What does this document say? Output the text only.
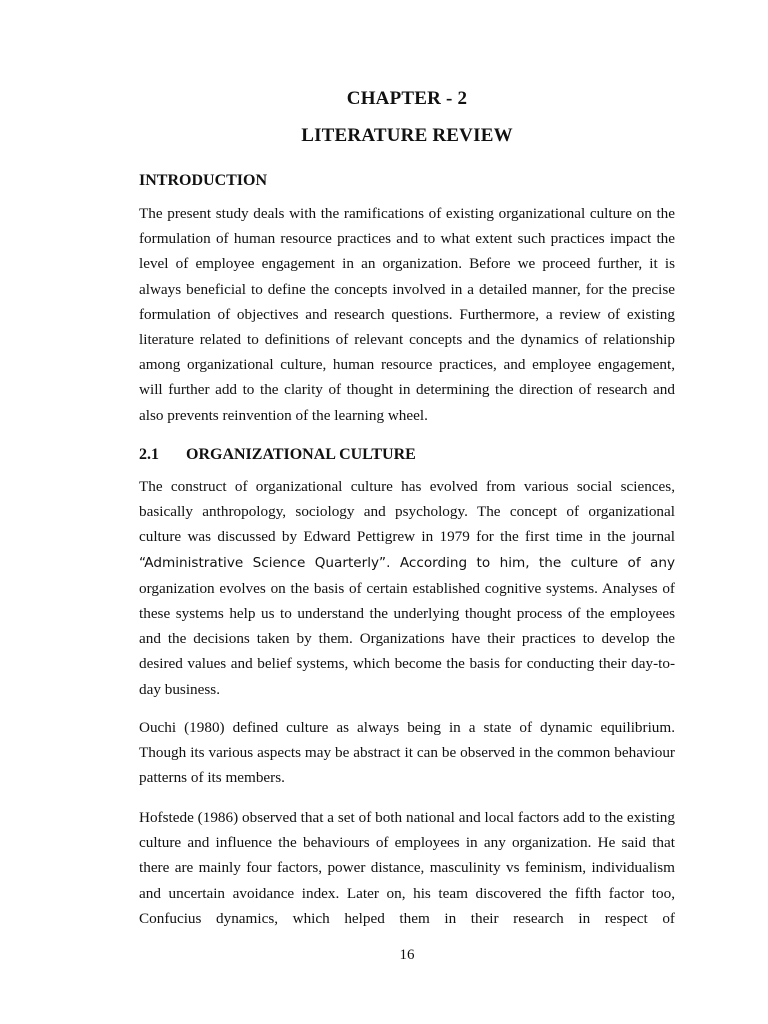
CHAPTER - 2
LITERATURE REVIEW
INTRODUCTION

The present study deals with the ramifications of existing organizational culture on the formulation of human resource practices and to what extent such practices impact the level of employee engagement in an organization. Before we proceed further, it is always beneficial to define the concepts involved in a detailed manner, for the precise formulation of objectives and research questions. Furthermore, a review of existing literature related to definitions of relevant concepts and the dynamics of relationship among organizational culture, human resource practices, and employee engagement, will further add to the clarity of thought in determining the direction of research and also prevents reinvention of the learning wheel.

2.1 ORGANIZATIONAL CULTURE

The construct of organizational culture has evolved from various social sciences, basically anthropology, sociology and psychology. The concept of organizational culture was discussed by Edward Pettigrew in 1979 for the first time in the journal “Administrative Science Quarterly”. According to him, the culture of any organization evolves on the basis of certain established cognitive systems. Analyses of these systems help us to understand the underlying thought process of the employees and the decisions taken by them. Organizations have their practices to develop the desired values and belief systems, which become the basis for conducting their day-to-day business.

Ouchi (1980) defined culture as always being in a state of dynamic equilibrium. Though its various aspects may be abstract it can be observed in the common behaviour patterns of its members.

Hofstede (1986) observed that a set of both national and local factors add to the existing culture and influence the behaviours of employees in any organization. He said that there are mainly four factors, power distance, masculinity vs feminism, individualism and uncertain avoidance index. Later on, his team discovered the fifth factor too, Confucius dynamics, which helped them in their research in respect of

16
